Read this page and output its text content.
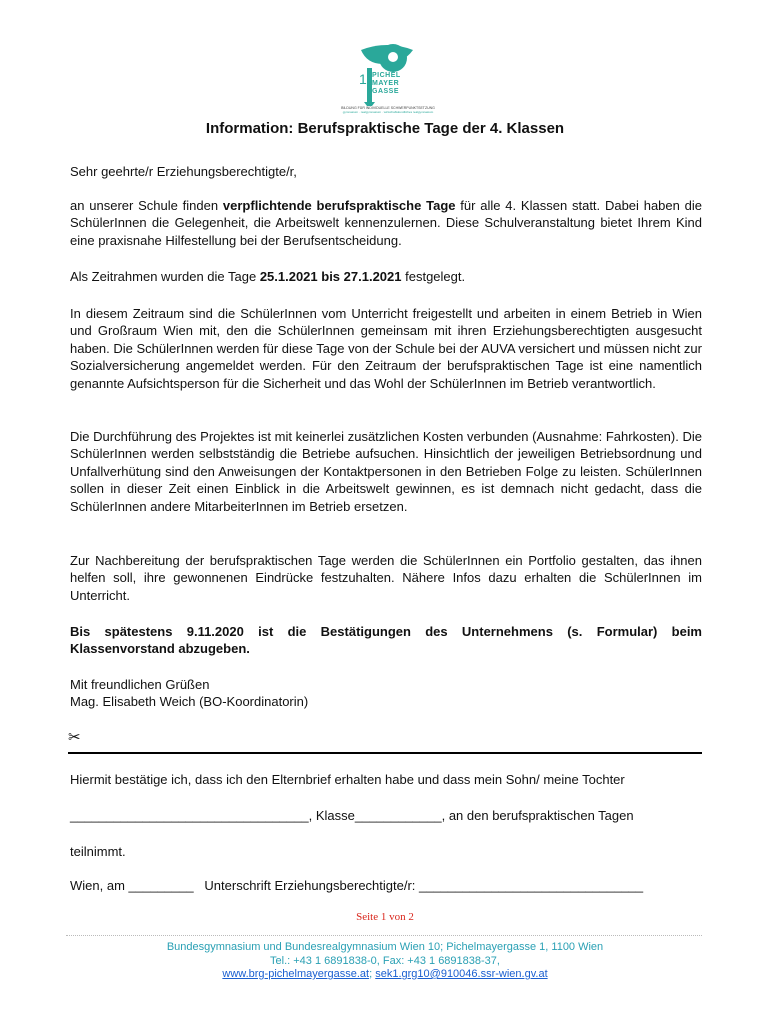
1 PICHEL
MAYER
GASSE
BILDUNG FÜR INDIVIDUELLE SCHWERPUNKTSETZUNG
gymnasium · realgymnasium · wirtschaftskundliches realgymnasium
Information: Berufspraktische Tage der 4. Klassen
Sehr geehrte/r Erziehungsberechtigte/r,
an unserer Schule finden verpflichtende berufspraktische Tage für alle 4. Klassen statt. Dabei haben die SchülerInnen die Gelegenheit, die Arbeitswelt kennenzulernen. Diese Schulveranstaltung bietet Ihrem Kind eine praxisnahe Hilfestellung bei der Berufsentscheidung.
Als Zeitrahmen wurden die Tage 25.1.2021 bis 27.1.2021 festgelegt.
In diesem Zeitraum sind die SchülerInnen vom Unterricht freigestellt und arbeiten in einem Betrieb in Wien und Großraum Wien mit, den die SchülerInnen gemeinsam mit ihren Erziehungsberechtigten ausgesucht haben. Die SchülerInnen werden für diese Tage von der Schule bei der AUVA versichert und müssen nicht zur Sozialversicherung angemeldet werden. Für den Zeitraum der berufspraktischen Tage ist eine namentlich genannte Aufsichtsperson für die Sicherheit und das Wohl der SchülerInnen im Betrieb verantwortlich.
Die Durchführung des Projektes ist mit keinerlei zusätzlichen Kosten verbunden (Ausnahme: Fahrkosten). Die SchülerInnen werden selbstständig die Betriebe aufsuchen. Hinsichtlich der jeweiligen Betriebsordnung und Unfallverhütung sind den Anweisungen der Kontaktpersonen in den Betrieben Folge zu leisten. SchülerInnen sollen in dieser Zeit einen Einblick in die Arbeitswelt gewinnen, es ist demnach nicht gedacht, dass die SchülerInnen andere MitarbeiterInnen im Betrieb ersetzen.
Zur Nachbereitung der berufspraktischen Tage werden die SchülerInnen ein Portfolio gestalten, das ihnen helfen soll, ihre gewonnenen Eindrücke festzuhalten. Nähere Infos dazu erhalten die SchülerInnen im Unterricht.
Bis spätestens 9.11.2020 ist die Bestätigungen des Unternehmens (s. Formular) beim Klassenvorstand abzugeben.
Mit freundlichen Grüßen
Mag. Elisabeth Weich (BO-Koordinatorin)
✂
Hiermit bestätige ich, dass ich den Elternbrief erhalten habe und dass mein Sohn/ meine Tochter
_________________________________, Klasse____________, an den berufspraktischen Tagen
teilnimmt.
Wien, am _________   Unterschrift Erziehungsberechtigte/r: _______________________________
Seite 1 von 2
Bundesgymnasium und Bundesrealgymnasium Wien 10; Pichelmayergasse 1, 1100 Wien
Tel.: +43 1 6891838-0, Fax: +43 1 6891838-37,
www.brg-pichelmayergasse.at; sek1.grg10@910046.ssr-wien.gv.at
